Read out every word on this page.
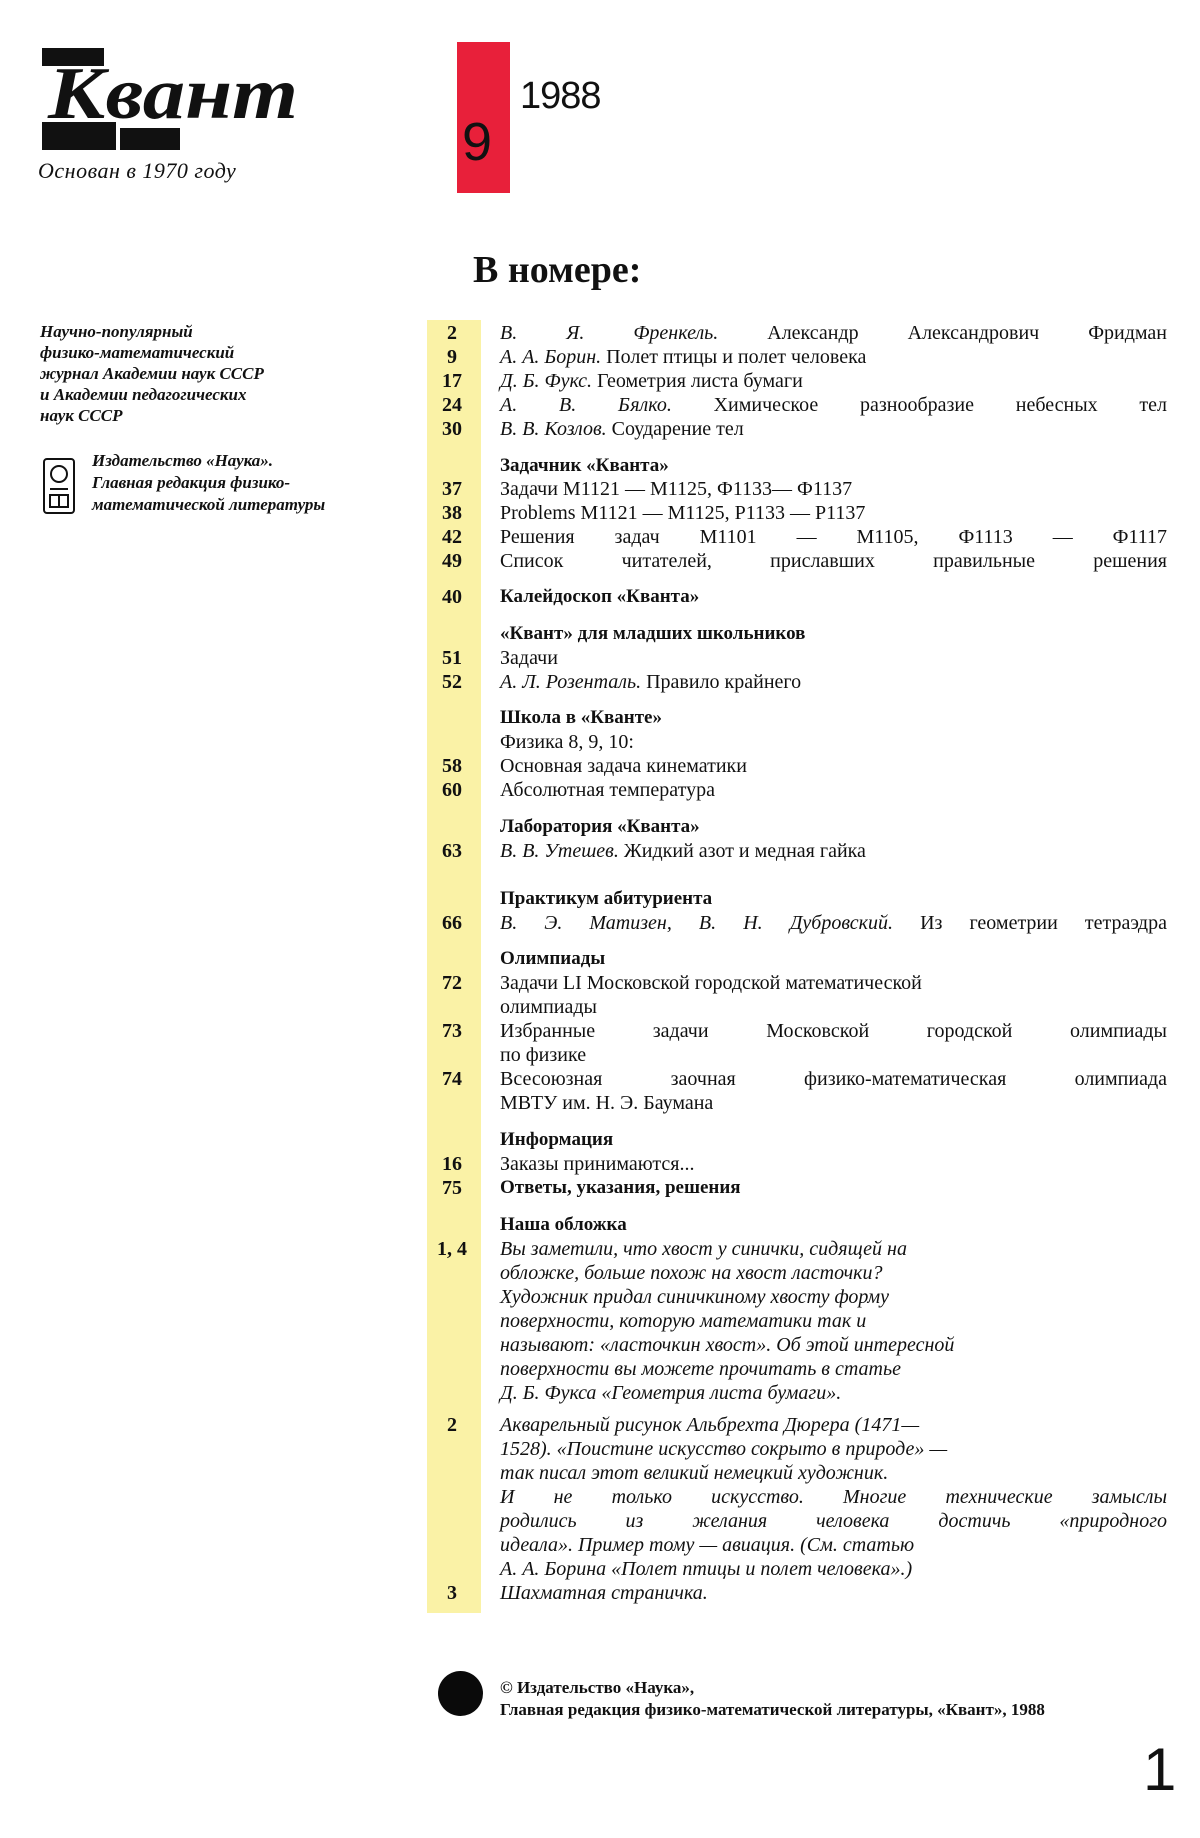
Квант
Основан в 1970 году	9
1988
В номере:
Научно-популярный
физико-математический
журнал Академии наук СССР
и Академии педагогических
наук СССР
Издательство «Наука».
Главная редакция физико-
математической литературы
2	В. Я. Френкель. Александр Александрович Фридман
9	А. А. Борин. Полет птицы и полет человека
17	Д. Б. Фукс. Геометрия листа бумаги
24	А. В. Бялко. Химическое разнообразие небесных тел
30	В. В. Козлов. Соударение тел
Задачник «Кванта»
37	Задачи М1121 — М1125, Ф1133— Ф1137
38	Problems M1121 — M1125, P1133 — P1137
42	Решения задач М1101 — М1105, Ф1113 — Ф1117
49	Список читателей, приславших правильные решения
40	Калейдоскоп «Кванта»
«Квант» для младших школьников
51	Задачи
52	А. Л. Розенталь. Правило крайнего
Школа в «Кванте»
Физика 8, 9, 10:
58	Основная задача кинематики
60	Абсолютная температура
Лаборатория «Кванта»
63	В. В. Утешев. Жидкий азот и медная гайка
Практикум абитуриента
66	В. Э. Матизен, В. Н. Дубровский. Из геометрии тетраэдра
Олимпиады
72	Задачи LI Московской городской математической
олимпиады
73	Избранные задачи Московской городской олимпиады
по физике
74	Всесоюзная заочная физико-математическая олимпиада
МВТУ им. Н. Э. Баумана
Информация
16	Заказы принимаются...
75	Ответы, указания, решения
Наша обложка
1, 4	Вы заметили, что хвост у синички, сидящей на
обложке, больше похож на хвост ласточки?
Художник придал синичкиному хвосту форму
поверхности, которую математики так и
называют: «ласточкин хвост». Об этой интересной
поверхности вы можете прочитать в статье
Д. Б. Фукса «Геометрия листа бумаги».
2	Акварельный рисунок Альбрехта Дюрера (1471—
1528). «Поистине искусство сокрыто в природе» —
так писал этот великий немецкий художник.
И не только искусство. Многие технические замыслы
родились из желания человека достичь «природного
идеала». Пример тому — авиация. (См. статью
А. А. Борина «Полет птицы и полет человека».)
3	Шахматная страничка.
© Издательство «Наука»,
Главная редакция физико-математической литературы, «Квант», 1988
1
